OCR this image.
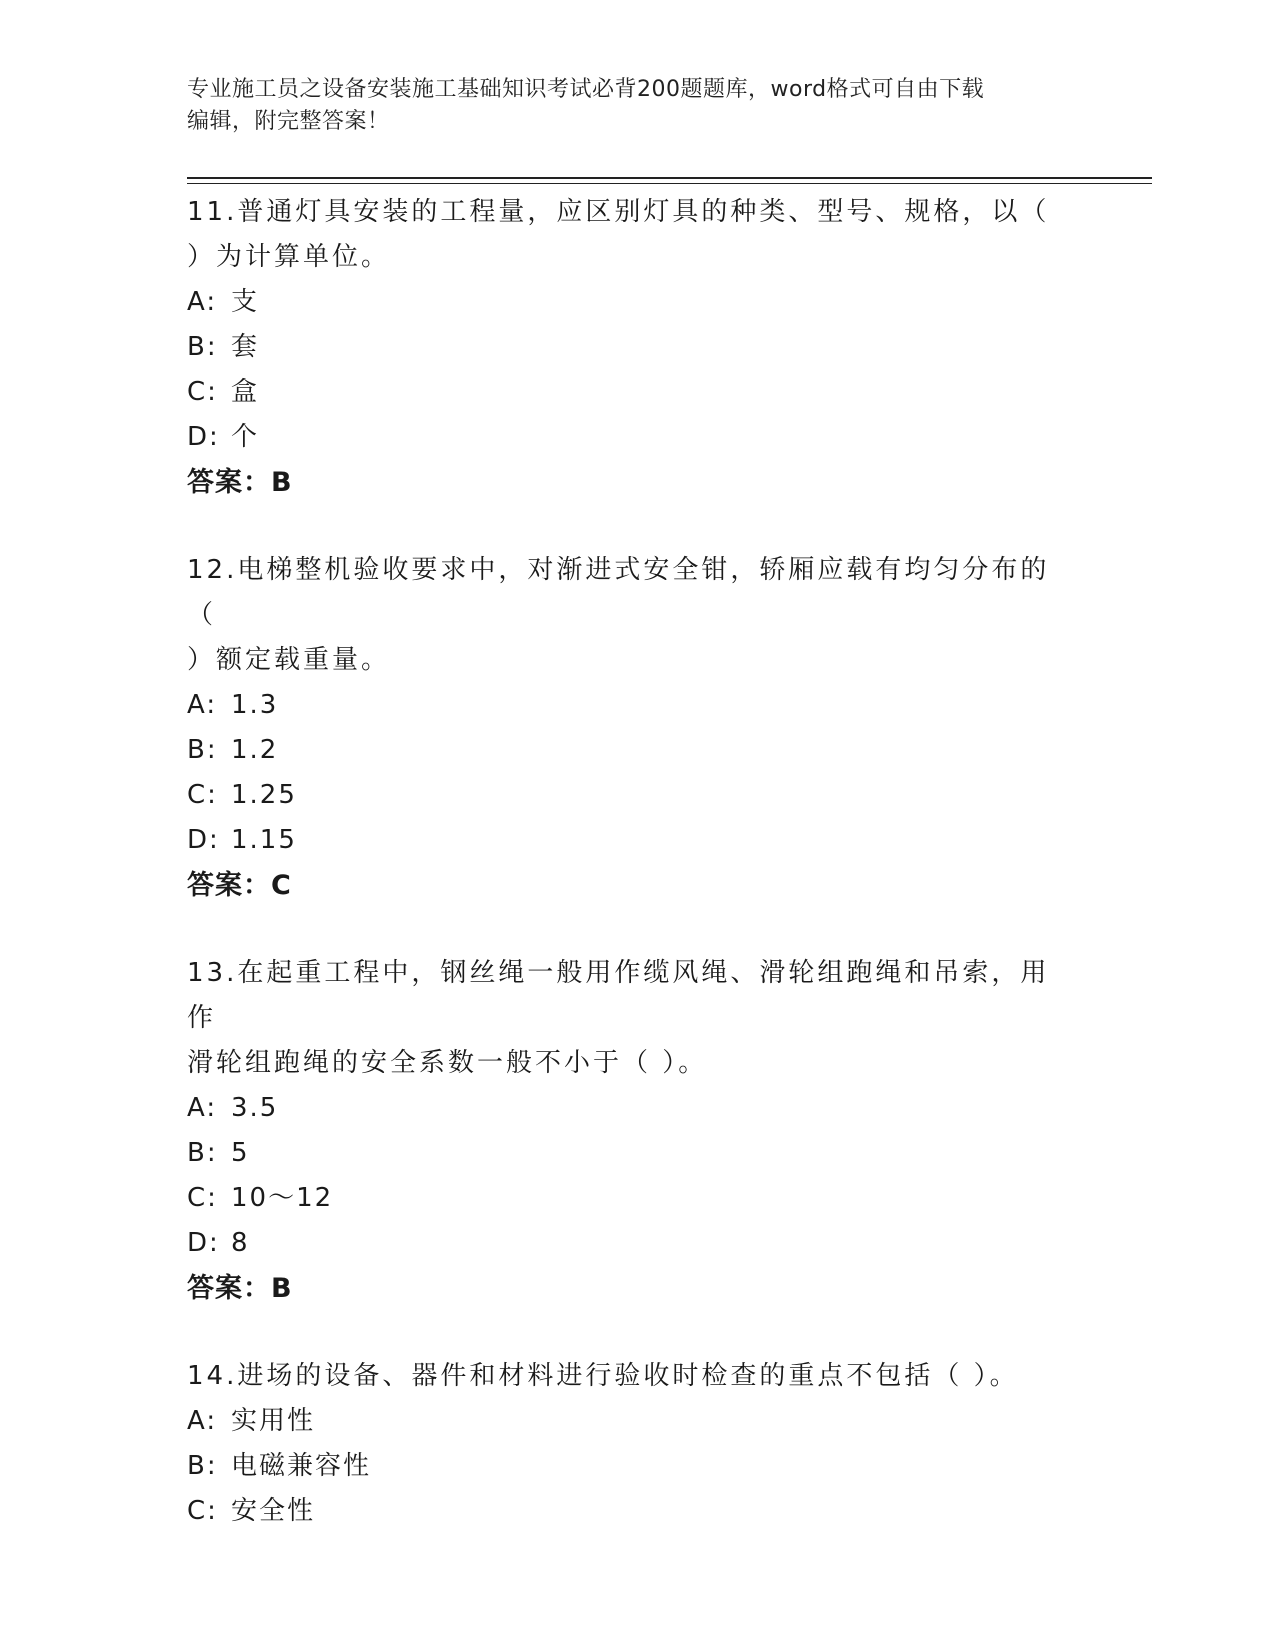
专业施工员之设备安装施工基础知识考试必背200题题库，word格式可自由下载
编辑，附完整答案！
11.普通灯具安装的工程量，应区别灯具的种类、型号、规格，以（
）为计算单位。
A: 支
B: 套
C: 盒
D: 个
答案：B
12.电梯整机验收要求中，对渐进式安全钳，轿厢应载有均匀分布的（
）额定载重量。
A: 1.3
B: 1.2
C: 1.25
D: 1.15
答案：C
13.在起重工程中，钢丝绳一般用作缆风绳、滑轮组跑绳和吊索，用作
滑轮组跑绳的安全系数一般不小于（ ）。
A: 3.5
B: 5
C: 10～12
D: 8
答案：B
14.进场的设备、器件和材料进行验收时检查的重点不包括（ ）。
A: 实用性
B: 电磁兼容性
C: 安全性
